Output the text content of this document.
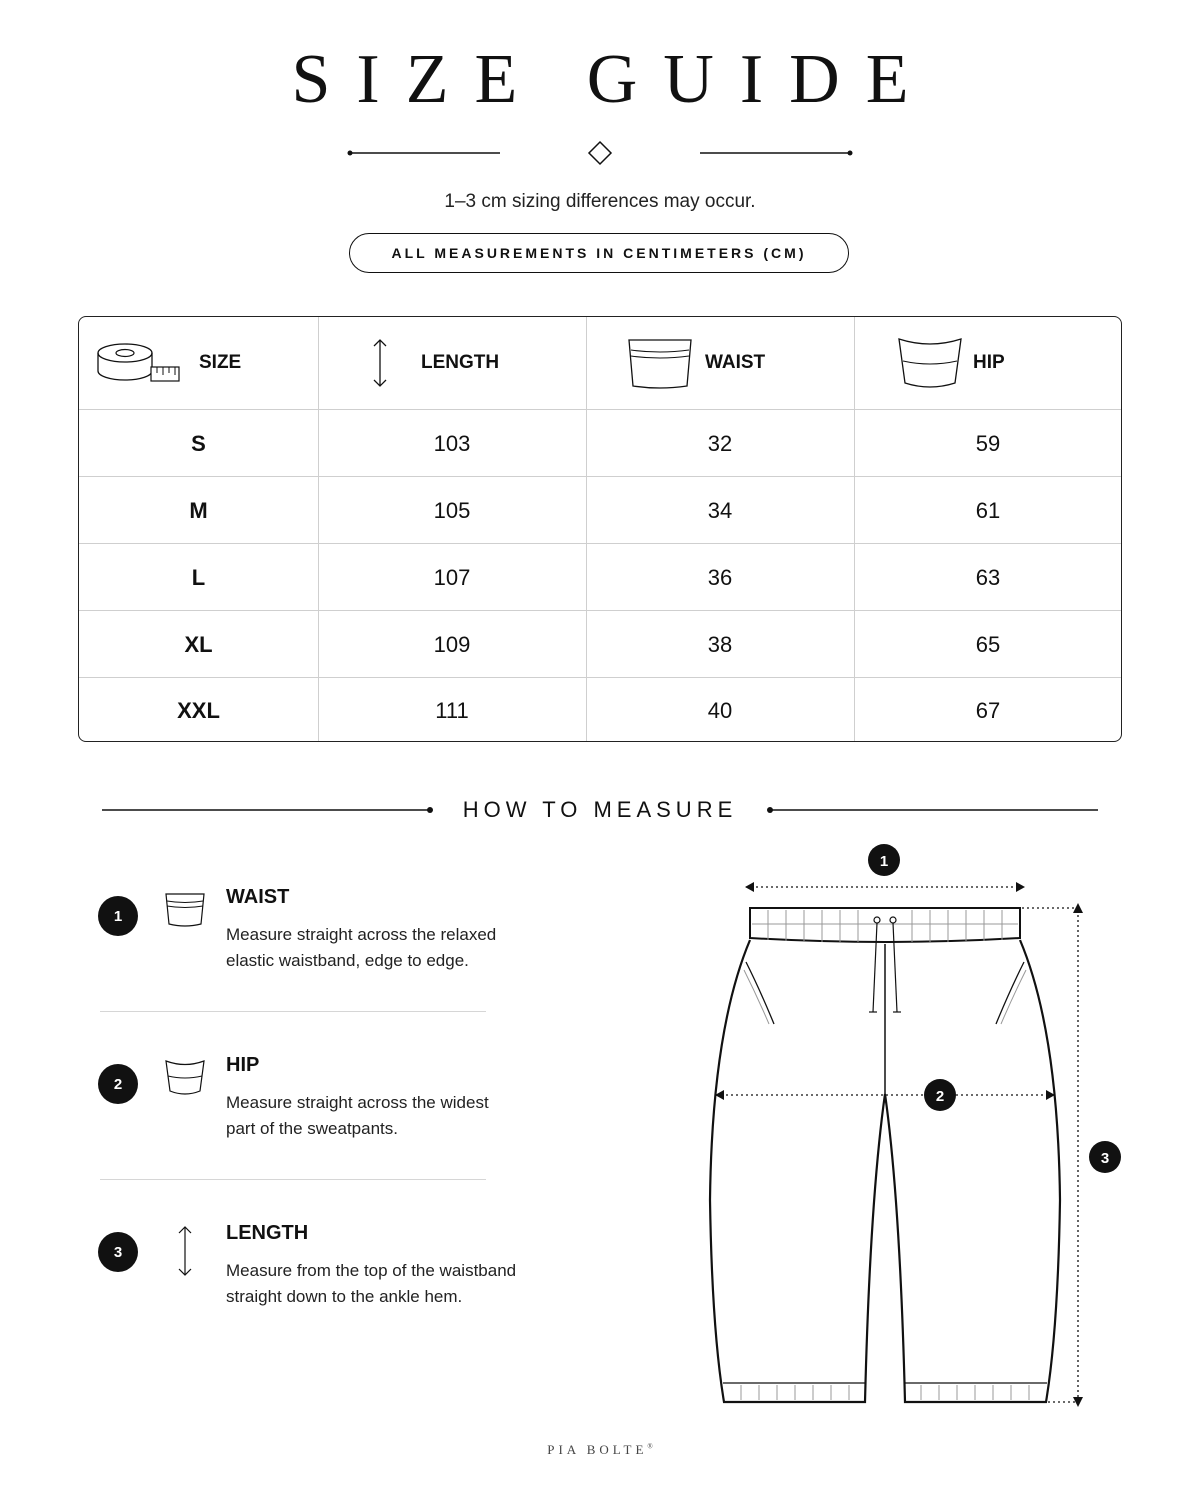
SIZE GUIDE
1–3 cm sizing differences may occur.
ALL MEASUREMENTS IN CENTIMETERS (CM)
SIZE	LENGTH	WAIST	HIP
S	103	32	59
M	105	34	61
L	107	36	63
XL	109	38	65
XXL	111	40	67
HOW TO MEASURE
1
WAIST
Measure straight across the relaxed
elastic waistband, edge to edge.
2
HIP
Measure straight across the widest
part of the sweatpants.
3
LENGTH
Measure from the top of the waistband
straight down to the ankle hem.
1
2
3
PIA BOLTE®
